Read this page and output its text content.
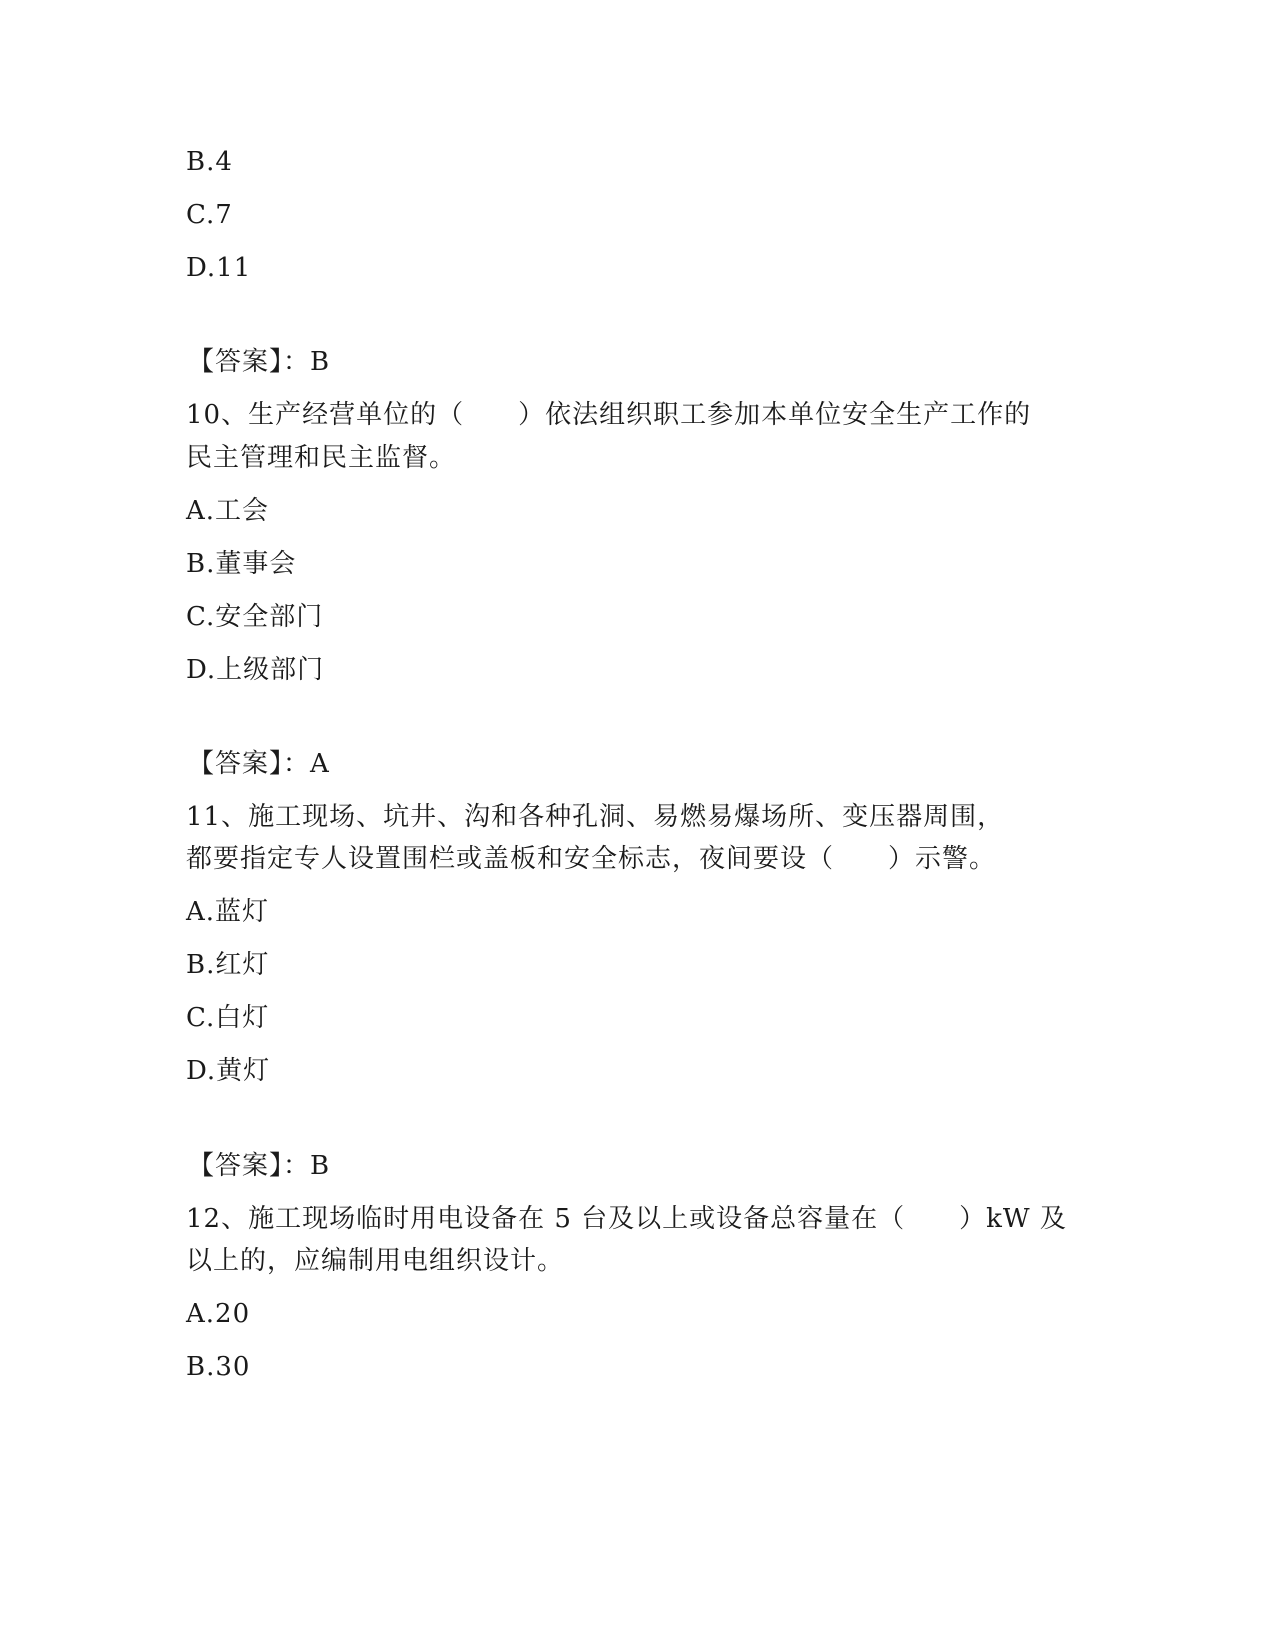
B.4
C.7
D.11
【答案】：B
10、生产经营单位的（　　）依法组织职工参加本单位安全生产工作的
民主管理和民主监督。
A.工会
B.董事会
C.安全部门
D.上级部门
【答案】：A
11、施工现场、坑井、沟和各种孔洞、易燃易爆场所、变压器周围，
都要指定专人设置围栏或盖板和安全标志，夜间要设（　　）示警。
A.蓝灯
B.红灯
C.白灯
D.黄灯
【答案】：B
12、施工现场临时用电设备在 5 台及以上或设备总容量在（　　）kW 及
以上的，应编制用电组织设计。
A.20
B.30
